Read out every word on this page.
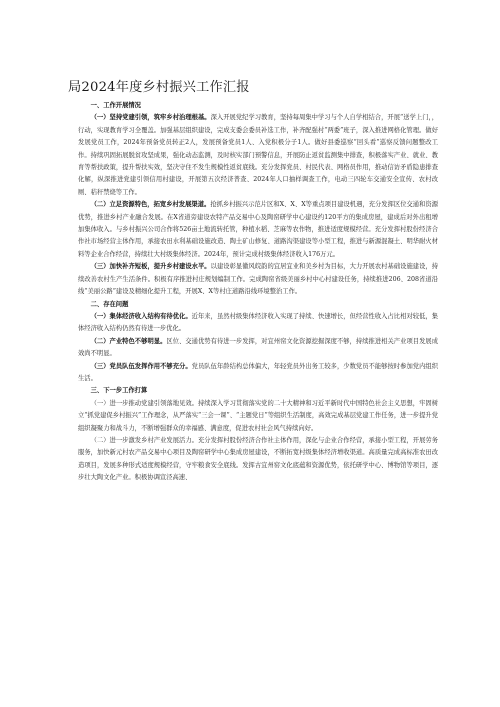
局2024年度乡村振兴工作汇报
一、工作开展情况

（一）坚持党建引领，筑牢乡村治理根基。深入开展党纪学习教育，坚持每周集中学习与个人自学相结合，开展“送学上门，，行动，实现教育学习全覆盖。加强基层组织建设，完成支委会委员补选工作，补齐配强村“两委”班子，深入推进网格化管理。做好发展党员工作，2024年预备党员转正2人，发展预备党员1人、入党积极分子1人。做好县委巡察“回头看”巡察反馈问题整改工作。持续巩固拓展脱贫攻坚成果，强化动态监测，及时核实部门预警信息，开展防止返贫监测集中排查，积极落实产业、就业、教育等帮扶政策，提升帮扶实效，坚决守住不发生规模性返贫底线。充分发挥党员、村民代表、网格员作用，推动信访矛盾隐患排查化解，纵深推进党建引领信用村建设，开展第五次经济普查、2024年人口抽样调查工作，电动三四轮车交通安全宣传、农村改厕、秸秆禁烧等工作。

（二）立足资源特色，拓宽乡村发展渠道。抢抓乡村振兴示范片区和X、X、X等重点项目建设机遇，充分发挥区位交通和资源优势，推进乡村产业融合发展。在X省道旁建设农特产品交易中心及陶窑研学中心建设约120平方的集成房屋，建成后对外出租增加集体收入。与乡村振兴公司合作将526亩土地流转托管，种植水稻、芝麻等农作物，推进适度规模经营。充分发挥村股份经济合作社市场经营主体作用，承接农田水利基础设施改造、陶土矿山修复、道路沟渠建设等小型工程，推进与新源混凝土、明华耐火材料等企业合作经营，持续壮大村级集体经济。2024年，预计完成村级集体经济收入176万元。

（三）加快补齐短板，提升乡村建设水平。以建设彰显徽风皖韵的宜居宜业和美乡村为目标，大力开展农村基础设施建设，持续改善农村生产生活条件。积极有序推进村庄规划编制工作。完成陶窑省级美丽乡村中心村建设任务，持续推进206、208省道沿线“美丽公路”建设及精细化提升工程，开展X、X等村庄道路沿线环境整治工作。

二、存在问题

（一）集体经济收入结构有待优化。近年来，虽然村级集体经济收入实现了持续、快速增长，但经营性收入占比相对较低，集体经济收入结构仍然有待进一步优化。

（二）产业特色不够明显。区位、交通优势有待进一步发挥，对宜州窑文化资源挖掘深度不够，持续推进相关产业项目发展成效尚不明显。

（三）党员队伍发挥作用不够充分。党员队伍年龄结构总体偏大，年轻党员外出务工较多，少数党员不能够按时参加党内组织生活。

三、下一步工作打算

（一）进一步推动党建引领落地见效。持续深入学习贯彻落实党的二十大精神和习近平新时代中国特色社会主义思想，牢固树立“抓党建促乡村振兴”工作理念，从严落实“三会一课”、“主题党日”等组织生活制度，高效完成基层党建工作任务，进一步提升党组织凝聚力和战斗力，不断增强群众的幸福感、满意度，促进农村社会风气持续向好。

（二）进一步激发乡村产业发展活力。充分发挥村股份经济合作社主体作用，深化与企业合作经营，承接小型工程，开展劳务服务，加快新元村农产品交易中心项目及陶窑研学中心集成房屋建设，不断拓宽村级集体经济增收渠道。高质量完成高标准农田改造项目，发展多种形式适度规模经营，守牢粮食安全底线。发挥古宜州窑文化底蕴和资源优势，依托研学中心、博物馆等项目，逐步壮大陶文化产业。积极协调宣泾高速、
